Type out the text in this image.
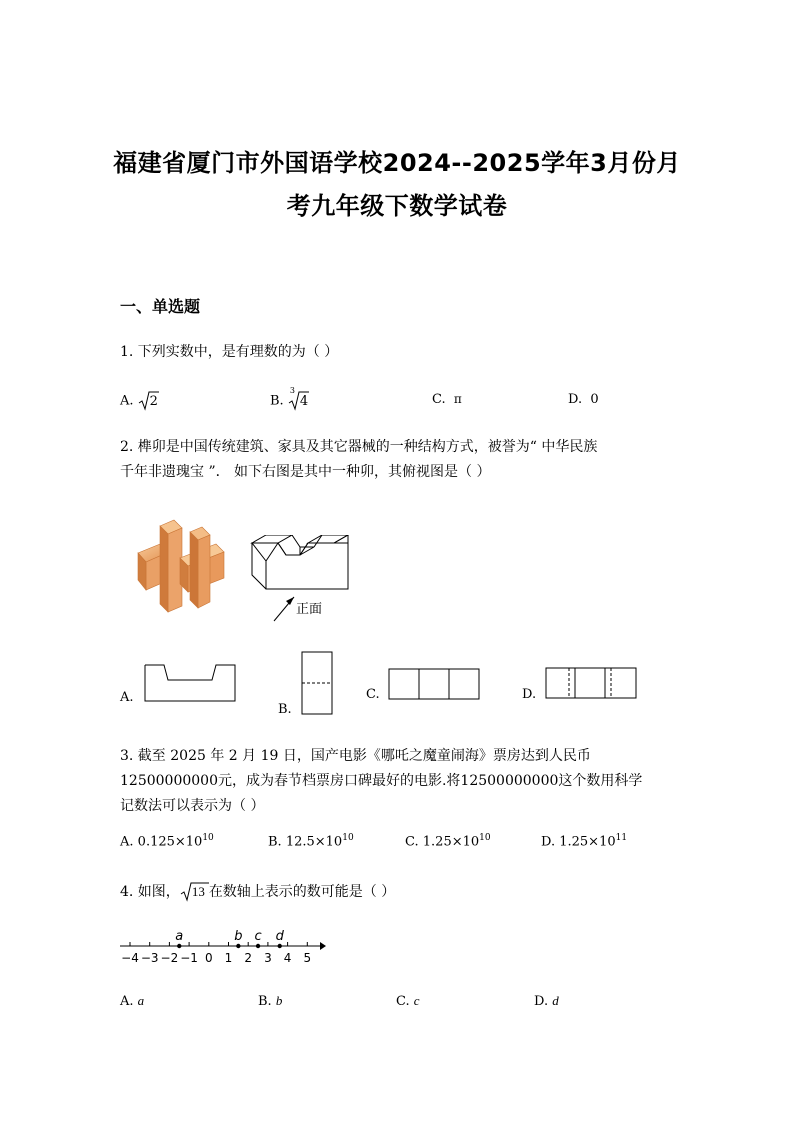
福建省厦门市外国语学校2024--2025学年3月份月
考九年级下数学试卷
一、单选题
1. 下列实数中，是有理数的为（ ）
A. 2	B.
3
4	C. π	D. 0
2. 榫卯是中国传统建筑、家具及其它器械的一种结构方式，被誉为“ 中华民族
千年非遗瑰宝 ”． 如下右图是其中一种卯，其俯视图是（ ）
正面
A.
B.
C.	D.
3. 截至 2025 年 2 月 19 日，国产电影《哪吒之魔童闹海》票房达到人民币
12500000000元，成为春节档票房口碑最好的电影.将12500000000这个数用科学
记数法可以表示为（ ）
A. $0.125\times 10^{10}$	B. $12.5\times 10^{10}$	C. $1.25\times 10^{10}$	D. $1.25\times 10^{11}$
4. 如图， 13 在数轴上表示的数可能是（ ）
−4 −3 −2 −1 0 1 2 3 4 5
a	b c d
A. a	B. b	C. c	D. d
